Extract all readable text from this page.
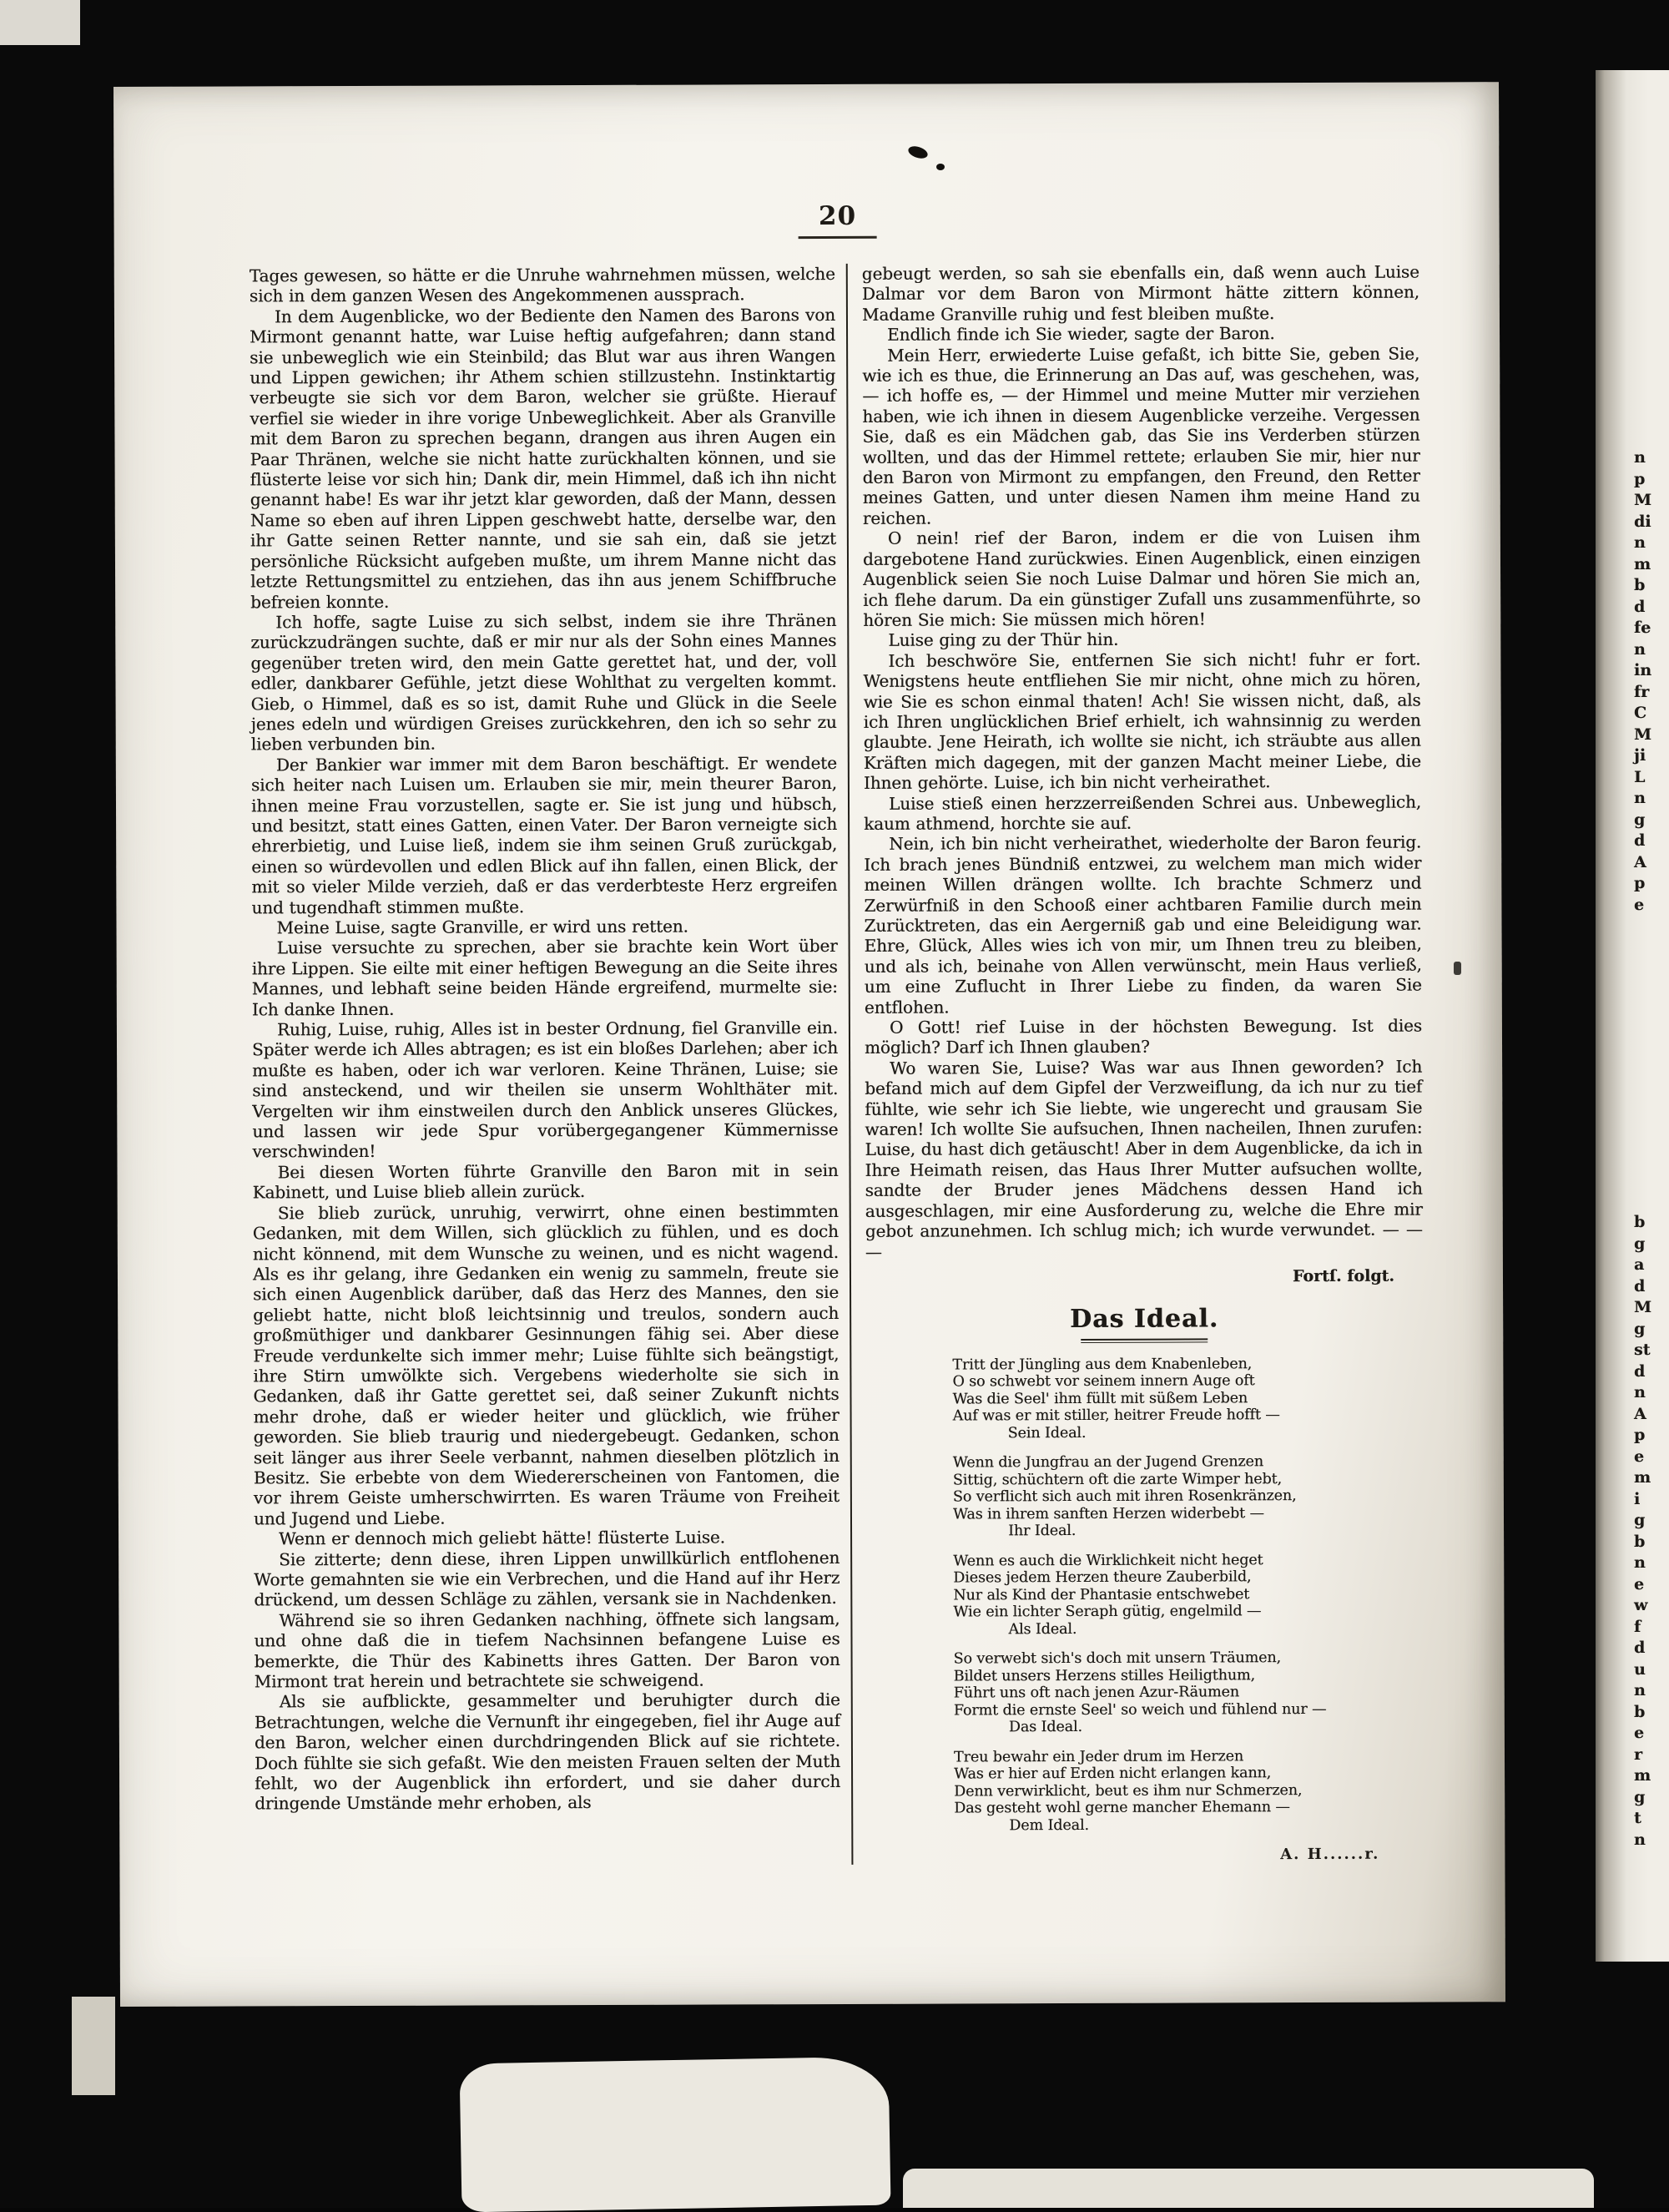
20
Tages gewesen, so hätte er die Unruhe wahrnehmen müssen, welche sich in dem ganzen Wesen des Angekommenen aussprach.
In dem Augenblicke, wo der Bediente den Namen des Barons von Mirmont genannt hatte, war Luise heftig aufgefahren; dann stand sie unbeweglich wie ein Steinbild; das Blut war aus ihren Wangen und Lippen gewichen; ihr Athem schien stillzustehn. Instinktartig verbeugte sie sich vor dem Baron, welcher sie grüßte. Hierauf verfiel sie wieder in ihre vorige Unbeweglichkeit. Aber als Granville mit dem Baron zu sprechen begann, drangen aus ihren Augen ein Paar Thränen, welche sie nicht hatte zurückhalten können, und sie flüsterte leise vor sich hin; Dank dir, mein Himmel, daß ich ihn nicht genannt habe! Es war ihr jetzt klar geworden, daß der Mann, dessen Name so eben auf ihren Lippen geschwebt hatte, derselbe war, den ihr Gatte seinen Retter nannte, und sie sah ein, daß sie jetzt persönliche Rücksicht aufgeben mußte, um ihrem Manne nicht das letzte Rettungsmittel zu entziehen, das ihn aus jenem Schiffbruche befreien konnte.
Ich hoffe, sagte Luise zu sich selbst, indem sie ihre Thränen zurückzudrängen suchte, daß er mir nur als der Sohn eines Mannes gegenüber treten wird, den mein Gatte gerettet hat, und der, voll edler, dankbarer Gefühle, jetzt diese Wohlthat zu vergelten kommt. Gieb, o Himmel, daß es so ist, damit Ruhe und Glück in die Seele jenes edeln und würdigen Greises zurückkehren, den ich so sehr zu lieben verbunden bin.
Der Bankier war immer mit dem Baron beschäftigt. Er wendete sich heiter nach Luisen um. Erlauben sie mir, mein theurer Baron, ihnen meine Frau vorzustellen, sagte er. Sie ist jung und hübsch, und besitzt, statt eines Gatten, einen Vater. Der Baron verneigte sich ehrerbietig, und Luise ließ, indem sie ihm seinen Gruß zurückgab, einen so würdevollen und edlen Blick auf ihn fallen, einen Blick, der mit so vieler Milde verzieh, daß er das verderbteste Herz ergreifen und tugendhaft stimmen mußte.
Meine Luise, sagte Granville, er wird uns retten.
Luise versuchte zu sprechen, aber sie brachte kein Wort über ihre Lippen. Sie eilte mit einer heftigen Bewegung an die Seite ihres Mannes, und lebhaft seine beiden Hände ergreifend, murmelte sie: Ich danke Ihnen.
Ruhig, Luise, ruhig, Alles ist in bester Ordnung, fiel Granville ein. Später werde ich Alles abtragen; es ist ein bloßes Darlehen; aber ich mußte es haben, oder ich war verloren. Keine Thränen, Luise; sie sind ansteckend, und wir theilen sie unserm Wohlthäter mit. Vergelten wir ihm einstweilen durch den Anblick unseres Glückes, und lassen wir jede Spur vorübergegangener Kümmernisse verschwinden!
Bei diesen Worten führte Granville den Baron mit in sein Kabinett, und Luise blieb allein zurück.
Sie blieb zurück, unruhig, verwirrt, ohne einen bestimmten Gedanken, mit dem Willen, sich glücklich zu fühlen, und es doch nicht könnend, mit dem Wunsche zu weinen, und es nicht wagend. Als es ihr gelang, ihre Gedanken ein wenig zu sammeln, freute sie sich einen Augenblick darüber, daß das Herz des Mannes, den sie geliebt hatte, nicht bloß leichtsinnig und treulos, sondern auch großmüthiger und dankbarer Gesinnungen fähig sei. Aber diese Freude verdunkelte sich immer mehr; Luise fühlte sich beängstigt, ihre Stirn umwölkte sich. Vergebens wiederholte sie sich in Gedanken, daß ihr Gatte gerettet sei, daß seiner Zukunft nichts mehr drohe, daß er wieder heiter und glücklich, wie früher geworden. Sie blieb traurig und niedergebeugt. Gedanken, schon seit länger aus ihrer Seele verbannt, nahmen dieselben plötzlich in Besitz. Sie erbebte von dem Wiedererscheinen von Fantomen, die vor ihrem Geiste umherschwirrten. Es waren Träume von Freiheit und Jugend und Liebe.
Wenn er dennoch mich geliebt hätte! flüsterte Luise.
Sie zitterte; denn diese, ihren Lippen unwillkürlich entflohenen Worte gemahnten sie wie ein Verbrechen, und die Hand auf ihr Herz drückend, um dessen Schläge zu zählen, versank sie in Nachdenken.
Während sie so ihren Gedanken nachhing, öffnete sich langsam, und ohne daß die in tiefem Nachsinnen befangene Luise es bemerkte, die Thür des Kabinetts ihres Gatten. Der Baron von Mirmont trat herein und betrachtete sie schweigend.
Als sie aufblickte, gesammelter und beruhigter durch die Betrachtungen, welche die Vernunft ihr eingegeben, fiel ihr Auge auf den Baron, welcher einen durchdringenden Blick auf sie richtete. Doch fühlte sie sich gefaßt. Wie den meisten Frauen selten der Muth fehlt, wo der Augenblick ihn erfordert, und sie daher durch dringende Umstände mehr erhoben, als
gebeugt werden, so sah sie ebenfalls ein, daß wenn auch Luise Dalmar vor dem Baron von Mirmont hätte zittern können, Madame Granville ruhig und fest bleiben mußte.
Endlich finde ich Sie wieder, sagte der Baron.
Mein Herr, erwiederte Luise gefaßt, ich bitte Sie, geben Sie, wie ich es thue, die Erinnerung an Das auf, was geschehen, was, — ich hoffe es, — der Himmel und meine Mutter mir verziehen haben, wie ich ihnen in diesem Augenblicke verzeihe. Vergessen Sie, daß es ein Mädchen gab, das Sie ins Verderben stürzen wollten, und das der Himmel rettete; erlauben Sie mir, hier nur den Baron von Mirmont zu empfangen, den Freund, den Retter meines Gatten, und unter diesen Namen ihm meine Hand zu reichen.
O nein! rief der Baron, indem er die von Luisen ihm dargebotene Hand zurückwies. Einen Augenblick, einen einzigen Augenblick seien Sie noch Luise Dalmar und hören Sie mich an, ich flehe darum. Da ein günstiger Zufall uns zusammenführte, so hören Sie mich: Sie müssen mich hören!
Luise ging zu der Thür hin.
Ich beschwöre Sie, entfernen Sie sich nicht! fuhr er fort. Wenigstens heute entfliehen Sie mir nicht, ohne mich zu hören, wie Sie es schon einmal thaten! Ach! Sie wissen nicht, daß, als ich Ihren unglücklichen Brief erhielt, ich wahnsinnig zu werden glaubte. Jene Heirath, ich wollte sie nicht, ich sträubte aus allen Kräften mich dagegen, mit der ganzen Macht meiner Liebe, die Ihnen gehörte. Luise, ich bin nicht verheirathet.
Luise stieß einen herzzerreißenden Schrei aus. Unbeweglich, kaum athmend, horchte sie auf.
Nein, ich bin nicht verheirathet, wiederholte der Baron feurig. Ich brach jenes Bündniß entzwei, zu welchem man mich wider meinen Willen drängen wollte. Ich brachte Schmerz und Zerwürfniß in den Schooß einer achtbaren Familie durch mein Zurücktreten, das ein Aergerniß gab und eine Beleidigung war. Ehre, Glück, Alles wies ich von mir, um Ihnen treu zu bleiben, und als ich, beinahe von Allen verwünscht, mein Haus verließ, um eine Zuflucht in Ihrer Liebe zu finden, da waren Sie entflohen.
O Gott! rief Luise in der höchsten Bewegung. Ist dies möglich? Darf ich Ihnen glauben?
Wo waren Sie, Luise? Was war aus Ihnen geworden? Ich befand mich auf dem Gipfel der Verzweiflung, da ich nur zu tief fühlte, wie sehr ich Sie liebte, wie ungerecht und grausam Sie waren! Ich wollte Sie aufsuchen, Ihnen nacheilen, Ihnen zurufen: Luise, du hast dich getäuscht! Aber in dem Augenblicke, da ich in Ihre Heimath reisen, das Haus Ihrer Mutter aufsuchen wollte, sandte der Bruder jenes Mädchens dessen Hand ich ausgeschlagen, mir eine Ausforderung zu, welche die Ehre mir gebot anzunehmen. Ich schlug mich; ich wurde verwundet. — — —
Fortſ. folgt.
Das Ideal.
Tritt der Jüngling aus dem Knabenleben,
O so schwebt vor seinem innern Auge oft
Was die Seel' ihm füllt mit süßem Leben
Auf was er mit stiller, heitrer Freude hofft —
Sein Ideal.
Wenn die Jungfrau an der Jugend Grenzen
Sittig, schüchtern oft die zarte Wimper hebt,
So verflicht sich auch mit ihren Rosenkränzen,
Was in ihrem sanften Herzen widerbebt —
Ihr Ideal.
Wenn es auch die Wirklichkeit nicht heget
Dieses jedem Herzen theure Zauberbild,
Nur als Kind der Phantasie entschwebet
Wie ein lichter Seraph gütig, engelmild —
Als Ideal.
So verwebt sich's doch mit unsern Träumen,
Bildet unsers Herzens stilles Heiligthum,
Führt uns oft nach jenen Azur-Räumen
Formt die ernste Seel' so weich und fühlend nur —
Das Ideal.
Treu bewahr ein Jeder drum im Herzen
Was er hier auf Erden nicht erlangen kann,
Denn verwirklicht, beut es ihm nur Schmerzen,
Das gesteht wohl gerne mancher Ehemann —
Dem Ideal.
A. H......r.
n
p
M
di
n
m
b
d
fe
n
in
fr
C
M
ji
L
n
g
d
A
p
e
b
g
a
d
M
g
st
d
n
A
p
e
m
i
g
b
n
e
w
f
d
u
n
b
e
r
m
g
t
n
